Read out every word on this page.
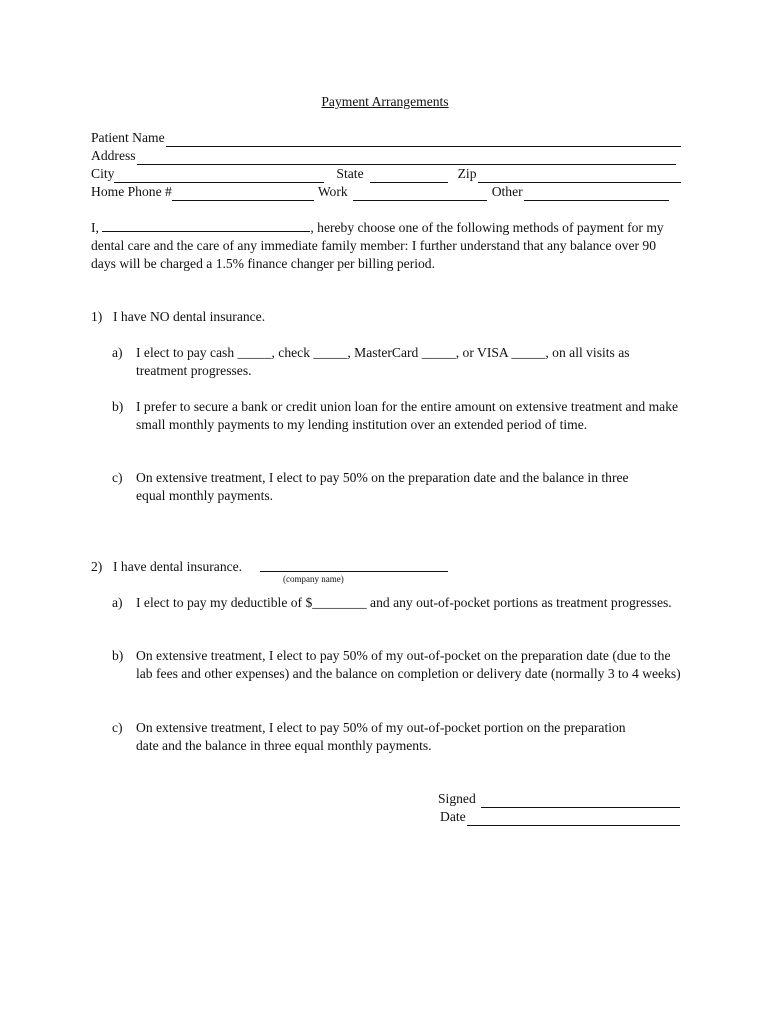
Payment Arrangements
Patient Name
Address
City	State	Zip
Home Phone #	Work	Other
I,	, hereby choose one of the following methods of payment for my dental care and the care of any immediate family member: I further understand that any balance over 90 days will be charged a 1.5% finance changer per billing period.
1) I have NO dental insurance.
a) I elect to pay cash _____, check _____, MasterCard _____, or VISA _____, on all visits as treatment progresses.
b) I prefer to secure a bank or credit union loan for the entire amount on extensive treatment and make small monthly payments to my lending institution over an extended period of time.
c) On extensive treatment, I elect to pay 50% on the preparation date and the balance in three equal monthly payments.
2) I have dental insurance.
(company name)
a) I elect to pay my deductible of $________ and any out-of-pocket portions as treatment progresses.
b) On extensive treatment, I elect to pay 50% of my out-of-pocket on the preparation date (due to the lab fees and other expenses) and the balance on completion or delivery date (normally 3 to 4 weeks)
c) On extensive treatment, I elect to pay 50% of my out-of-pocket portion on the preparation date and the balance in three equal monthly payments.
Signed
Date
